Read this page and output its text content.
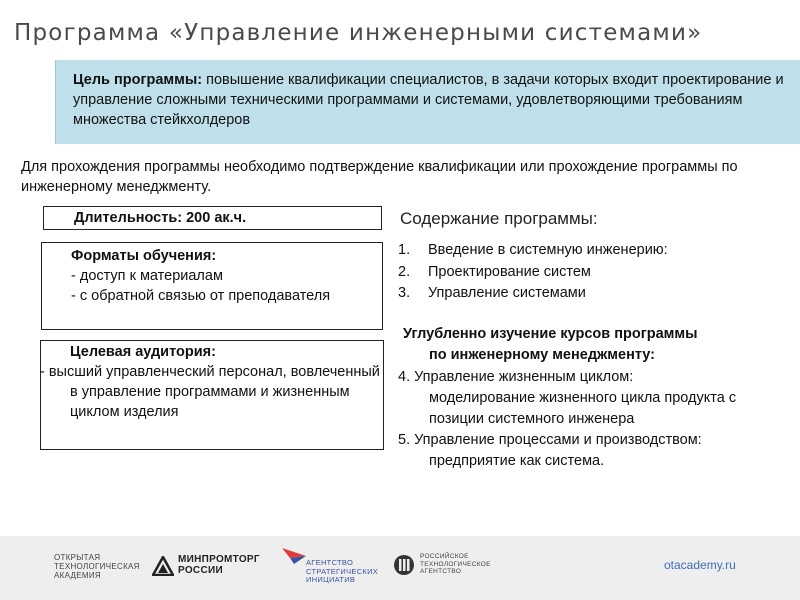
Программа «Управление инженерными системами»
Цель программы: повышение квалификации специалистов, в задачи которых входит проектирование и управление сложными техническими программами и системами, удовлетворяющими требованиям множества стейкхолдеров
Для прохождения программы необходимо подтверждение квалификации или прохождение программы по инженерному менеджменту.
Длительность: 200 ак.ч.
Форматы обучения:
- доступ к материалам
- с обратной связью от преподавателя
Целевая аудитория:
- высший управленческий персонал, вовлеченный в управление программами и жизненным циклом изделия
Содержание программы:
1.	Введение в системную инженерию:
2.	Проектирование систем
3.	Управление системами
Углубленно изучение курсов программы
по инженерному менеджменту:
4. Управление жизненным циклом:
моделирование жизненного цикла продукта с позиции системного инженера
5. Управление процессами и производством:
предприятие как система.
ОТКРЫТАЯ ТЕХНОЛОГИЧЕСКАЯ АКАДЕМИЯ
МИНПРОМТОРГ РОССИИ
АГЕНТСТВО СТРАТЕГИЧЕСКИХ ИНИЦИАТИВ
РОССИЙСКОЕ ТЕХНОЛОГИЧЕСКОЕ АГЕНТСТВО	otacademy.ru
